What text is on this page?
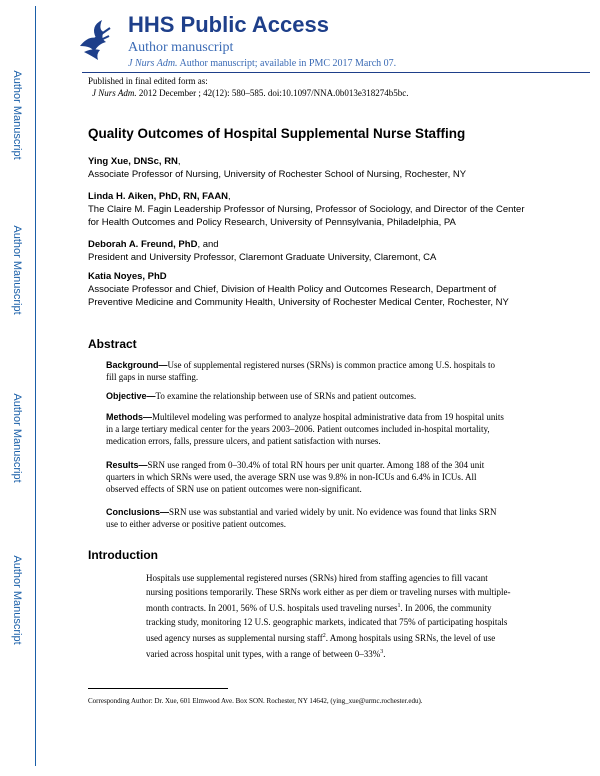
Author Manuscript
Author Manuscript
Author Manuscript
Author Manuscript
HHS Public Access
Author manuscript
J Nurs Adm. Author manuscript; available in PMC 2017 March 07.
Published in final edited form as:
J Nurs Adm. 2012 December ; 42(12): 580–585. doi:10.1097/NNA.0b013e318274b5bc.
Quality Outcomes of Hospital Supplemental Nurse Staffing
Ying Xue, DNSc, RN,
Associate Professor of Nursing, University of Rochester School of Nursing, Rochester, NY
Linda H. Aiken, PhD, RN, FAAN,
The Claire M. Fagin Leadership Professor of Nursing, Professor of Sociology, and Director of the Center for Health Outcomes and Policy Research, University of Pennsylvania, Philadelphia, PA
Deborah A. Freund, PhD, and
President and University Professor, Claremont Graduate University, Claremont, CA
Katia Noyes, PhD
Associate Professor and Chief, Division of Health Policy and Outcomes Research, Department of Preventive Medicine and Community Health, University of Rochester Medical Center, Rochester, NY
Abstract
Background—Use of supplemental registered nurses (SRNs) is common practice among U.S. hospitals to fill gaps in nurse staffing.
Objective—To examine the relationship between use of SRNs and patient outcomes.
Methods—Multilevel modeling was performed to analyze hospital administrative data from 19 hospital units in a large tertiary medical center for the years 2003–2006. Patient outcomes included in-hospital mortality, medication errors, falls, pressure ulcers, and patient satisfaction with nurses.
Results—SRN use ranged from 0–30.4% of total RN hours per unit quarter. Among 188 of the 304 unit quarters in which SRNs were used, the average SRN use was 9.8% in non-ICUs and 6.4% in ICUs. All observed effects of SRN use on patient outcomes were non-significant.
Conclusions—SRN use was substantial and varied widely by unit. No evidence was found that links SRN use to either adverse or positive patient outcomes.
Introduction
Hospitals use supplemental registered nurses (SRNs) hired from staffing agencies to fill vacant nursing positions temporarily. These SRNs work either as per diem or traveling nurses with multiple-month contracts. In 2001, 56% of U.S. hospitals used traveling nurses$^1$. In 2006, the community tracking study, monitoring 12 U.S. geographic markets, indicated that 75% of participating hospitals used agency nurses as supplemental nursing staff$^2$. Among hospitals using SRNs, the level of use varied across hospital unit types, with a range of between 0–33%$^3$.
Corresponding Author: Dr. Xue, 601 Elmwood Ave. Box SON. Rochester, NY 14642, (ying_xue@urmc.rochester.edu).
